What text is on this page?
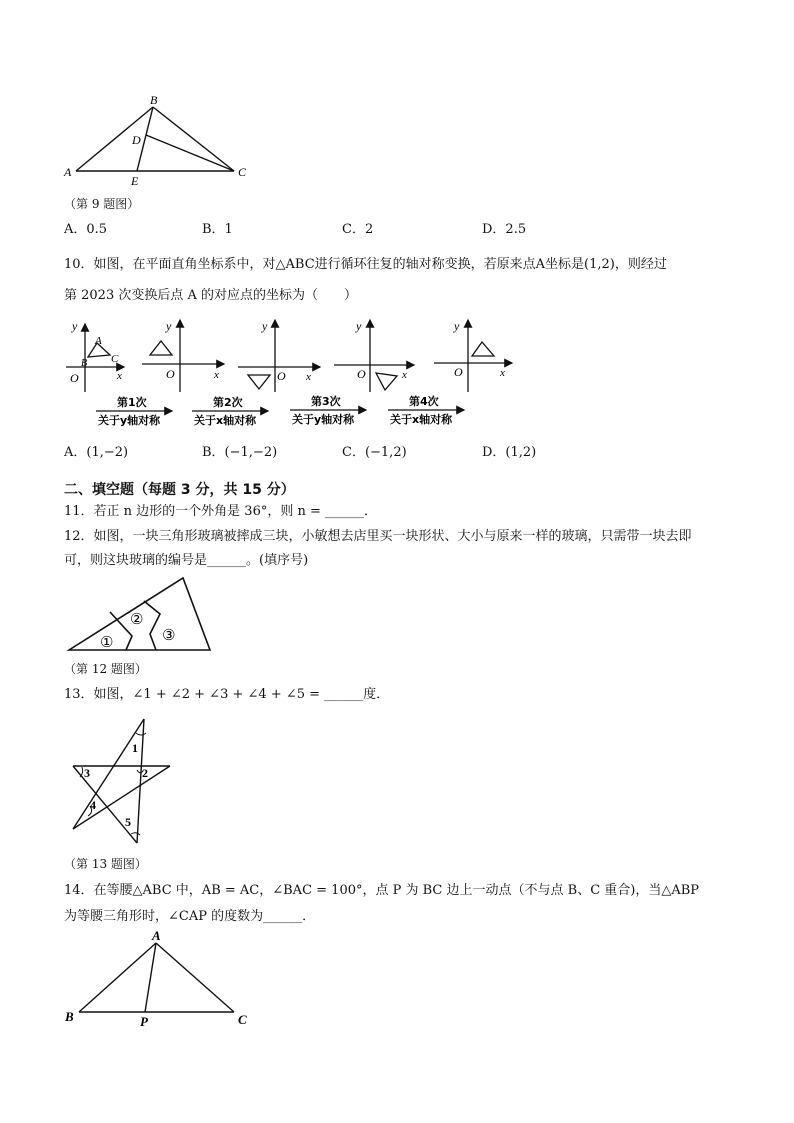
B
D
A
E
C
（第 9 题图）
A．0.5	B．1	C．2	D．2.5
10．如图，在平面直角坐标系中，对△ABC进行循环往复的轴对称变换，若原来点A坐标是(1,2)，则经过
第 2023 次变换后点 A 的对应点的坐标为（　　）
y
O	x
A
B C
y
O	x
y
O x
y
O	x
y
O	x
第1次
关于y轴对称
第2次
关于x轴对称
第3次
关于y轴对称
第4次
关于x轴对称
A．(1,−2)	B．(−1,−2)	C．(−1,2)	D．(1,2)
二、填空题（每题 3 分，共 15 分）
11．若正 n 边形的一个外角是 36°，则 n = ______．
12．如图，一块三角形玻璃被摔成三块，小敏想去店里买一块形状、大小与原来一样的玻璃，只需带一块去即
可，则这块玻璃的编号是______。(填序号)
①
②
③
（第 12 题图）
13．如图，∠1 + ∠2 + ∠3 + ∠4 + ∠5 = ______度．
1
2
3
4
5
（第 13 题图）
14．在等腰△ABC 中，AB = AC，∠BAC = 100°，点 P 为 BC 边上一动点（不与点 B、C 重合)，当△ABP
为等腰三角形时，∠CAP 的度数为______．
A
B	P	C
